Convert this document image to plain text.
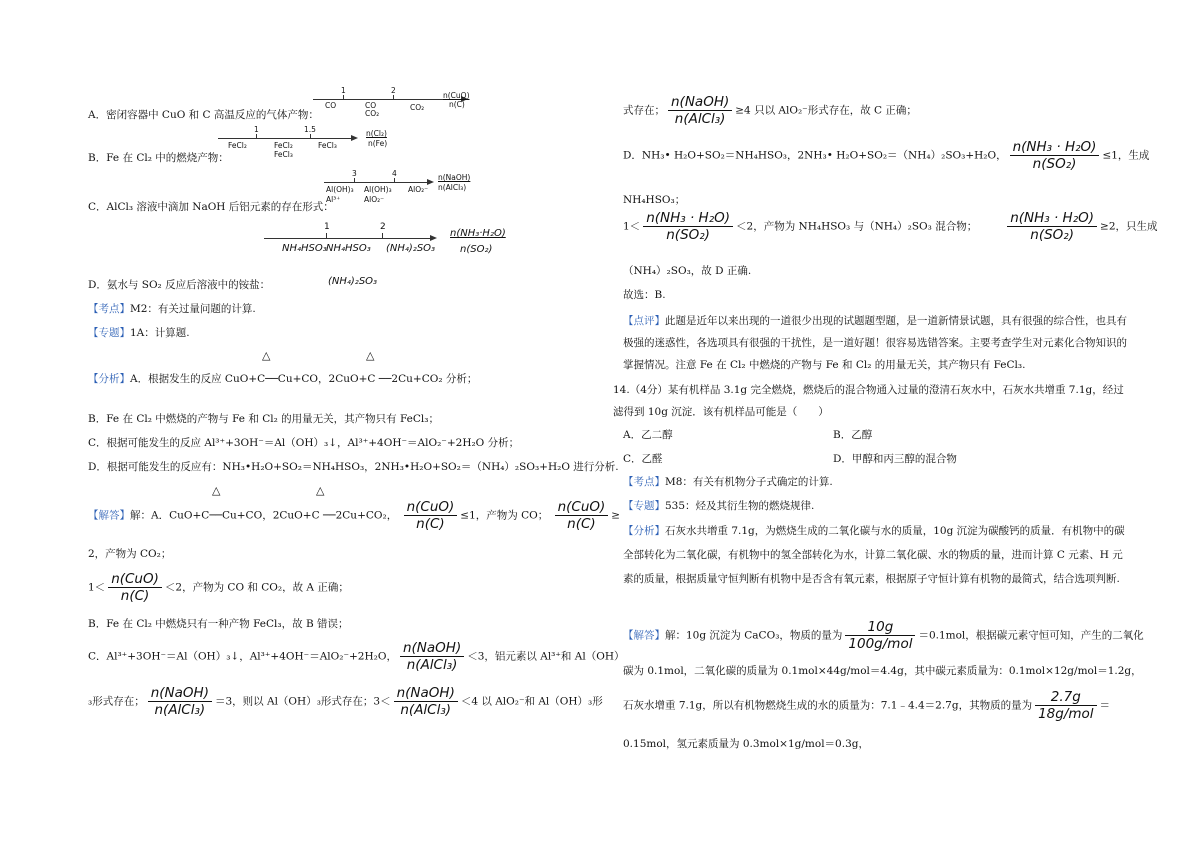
A．密闭容器中 CuO 和 C 高温反应的气体产物：
1	2
CO	CO
CO₂
CO₂
n(CuO)
n(C)
B．Fe 在 Cl₂ 中的燃烧产物：
1	1.5
FeCl₂	FeCl₂
FeCl₃
FeCl₃
n(Cl₂)
n(Fe)
C．AlCl₃ 溶液中滴加 NaOH 后铝元素的存在形式：
3	4
Al(OH)₃
Al³⁺
Al(OH)₃
AlO₂⁻
AlO₂⁻
n(NaOH)
n(AlCl₃)
D．氨水与 SO₂ 反应后溶液中的铵盐：
1	2
NH₄HSO₃ NH₄HSO₃ (NH₄)₂SO₃
(NH₄)₂SO₃
n(NH₃·H₂O)
n(SO₂)
【考点】M2：有关过量问题的计算.
【专题】1A：计算题.
△	△
【分析】A．根据发生的反应 CuO+C──Cu+CO，2CuO+C ──2Cu+CO₂ 分析；
B．Fe 在 Cl₂ 中燃烧的产物与 Fe 和 Cl₂ 的用量无关，其产物只有 FeCl₃；
C．根据可能发生的反应 Al³⁺+3OH⁻＝Al（OH）₃↓，Al³⁺+4OH⁻＝AlO₂⁻+2H₂O 分析；
D．根据可能发生的反应有：NH₃•H₂O+SO₂＝NH₄HSO₃，2NH₃•H₂O+SO₂＝（NH₄）₂SO₃+H₂O 进行分析.
△	△
【解答】解：A．CuO+C──Cu+CO，2CuO+C ──2Cu+CO₂， $\frac{\text{n(CuO)}}{n(C)} \le 1$，产物为 CO； $\frac{\text{n(CuO)}}{n(C)}$ ≥
2，产物为 CO₂；
$1< \frac{\text{n(CuO)}}{n(C)} <2$，产物为 CO 和 CO₂，故 A 正确；
B．Fe 在 Cl₂ 中燃烧只有一种产物 FeCl₃，故 B 错误；
C．Al³⁺+3OH⁻＝Al（OH）₃↓，Al³⁺+4OH⁻＝AlO₂⁻+2H₂O， $\frac{\text{n(NaOH)}}{\text{n(AlCl₃)}} <3$，铝元素以 Al³⁺和 Al（OH）
₃形式存在； $\frac{\text{n(NaOH)}}{\text{n(AlCl₃)}} =3$，则以 Al（OH）₃形式存在；$3< \frac{\text{n(NaOH)}}{\text{n(AlCl₃)}} <4$ 以 AlO₂⁻和 Al（OH）₃形
式存在； $\frac{\text{n(NaOH)}}{\text{n(AlCl₃)}} \ge 4$ 只以 AlO₂⁻形式存在，故 C 正确；
D．NH₃• H₂O+SO₂＝NH₄HSO₃，2NH₃• H₂O+SO₂＝（NH₄）₂SO₃+H₂O， $\frac{\text{n(NH₃ · H₂O)}}{\text{n(SO₂)}} \le 1$，生成
NH₄HSO₃；
$1< \frac{\text{n(NH₃ · H₂O)}}{\text{n(SO₂)}} <2$，产物为 NH₄HSO₃ 与（NH₄）₂SO₃ 混合物； $\frac{\text{n(NH₃ · H₂O)}}{\text{n(SO₂)}} \ge 2$，只生成
（NH₄）₂SO₃，故 D 正确.
故选：B.
【点评】此题是近年以来出现的一道很少出现的试题题型题，是一道新情景试题，具有很强的综合性，也具有极强的迷惑性，各选项具有很强的干扰性，是一道好题！很容易选错答案。主要考查学生对元素化合物知识的掌握情况。注意 Fe 在 Cl₂ 中燃烧的产物与 Fe 和 Cl₂ 的用量无关，其产物只有 FeCl₃.
14.（4分）某有机样品 3.1g 完全燃烧，燃烧后的混合物通入过量的澄清石灰水中，石灰水共增重 7.1g，经过滤得到 10g 沉淀．该有机样品可能是（　　）
A．乙二醇	B．乙醇
C．乙醛	D．甲醇和丙三醇的混合物
【考点】M8：有关有机物分子式确定的计算.
【专题】535：烃及其衍生物的燃烧规律.
【分析】石灰水共增重 7.1g，为燃烧生成的二氧化碳与水的质量，10g 沉淀为碳酸钙的质量．有机物中的碳全部转化为二氧化碳，有机物中的氢全部转化为水，计算二氧化碳、水的物质的量，进而计算 C 元素、H 元素的质量，根据质量守恒判断有机物中是否含有氧元素，根据原子守恒计算有机物的最简式，结合选项判断.
【解答】解：10g 沉淀为 CaCO₃，物质的量为 $\frac{10g}{\text{100g/mol}} =0.1mol$，根据碳元素守恒可知，产生的二氧化
碳为 0.1mol，二氧化碳的质量为 0.1mol×44g/mol＝4.4g，其中碳元素质量为：0.1mol×12g/mol＝1.2g，
石灰水增重 7.1g，所以有机物燃烧生成的水的质量为：7.1﹣4.4＝2.7g，其物质的量为 $\frac{2.7g}{\text{18g/mol}}$ ＝
0.15mol，氢元素质量为 0.3mol×1g/mol＝0.3g，
